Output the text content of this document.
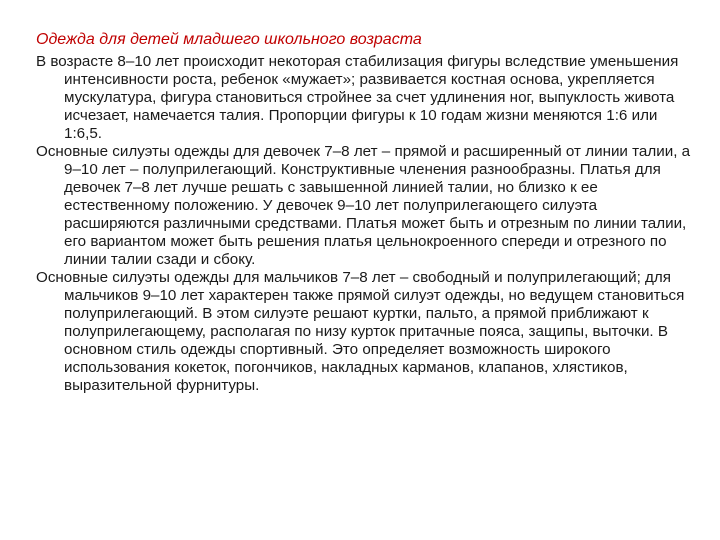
Одежда для детей младшего школьного возраста

В возрасте 8–10 лет происходит некоторая стабилизация фигуры вследствие уменьшения интенсивности роста, ребенок «мужает»; развивается костная основа, укрепляется мускулатура, фигура становиться стройнее за счет удлинения ног, выпуклость живота исчезает, намечается талия. Пропорции фигуры к 10 годам жизни меняются 1:6 или 1:6,5.

Основные силуэты одежды для девочек 7–8 лет – прямой и расширенный от линии талии, а 9–10 лет – полуприлегающий. Конструктивные членения разнообразны. Платья для девочек 7–8 лет лучше решать с завышенной линией талии, но близко к ее естественному положению. У девочек 9–10 лет полуприлегающего силуэта расширяются различными средствами. Платья может быть и отрезным по линии талии, его вариантом может быть решения платья цельнокроенного спереди и отрезного по линии талии сзади и сбоку.

Основные силуэты одежды для мальчиков 7–8 лет – свободный и полуприлегающий; для мальчиков 9–10 лет характерен также прямой силуэт одежды, но ведущем становиться полуприлегающий. В этом силуэте решают куртки, пальто, а прямой приближают к полуприлегающему, располагая по низу курток притачные пояса, защипы, выточки. В основном стиль одежды спортивный. Это определяет возможность широкого использования кокеток, погончиков, накладных карманов, клапанов, хлястиков, выразительной фурнитуры.
